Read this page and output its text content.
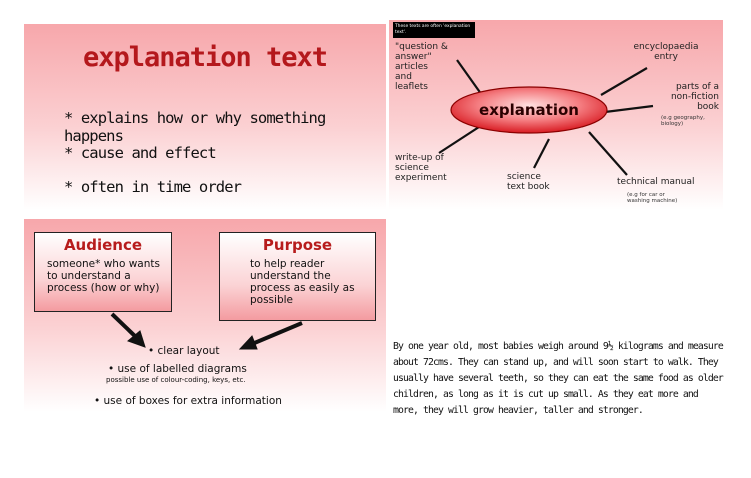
explanation text
* explains how or why something happens
* cause and effect
* often in time order
These texts are often 'explanation text'.
explanation
"question &
answer"
articles
and
leaflets
encyclopaedia
entry
parts of a
non-fiction
book
(e.g geography,
biology)
write-up of
science
experiment	science
text book	technical manual
(e.g for car or
washing machine)
Audience
someone* who wants
to understand a
process (how or why)
Purpose
to help reader
understand the
process as easily as
possible
• clear layout
• use of labelled diagrams
possible use of colour-coding, keys, etc.
• use of boxes for extra information
By one year old, most babies weigh around 9½ kilograms and measure about 72cms. They can stand up, and will soon start to walk. They usually have several teeth, so they can eat the same food as older children, as long as it is cut up small. As they eat more and more, they will grow heavier, taller and stronger.
